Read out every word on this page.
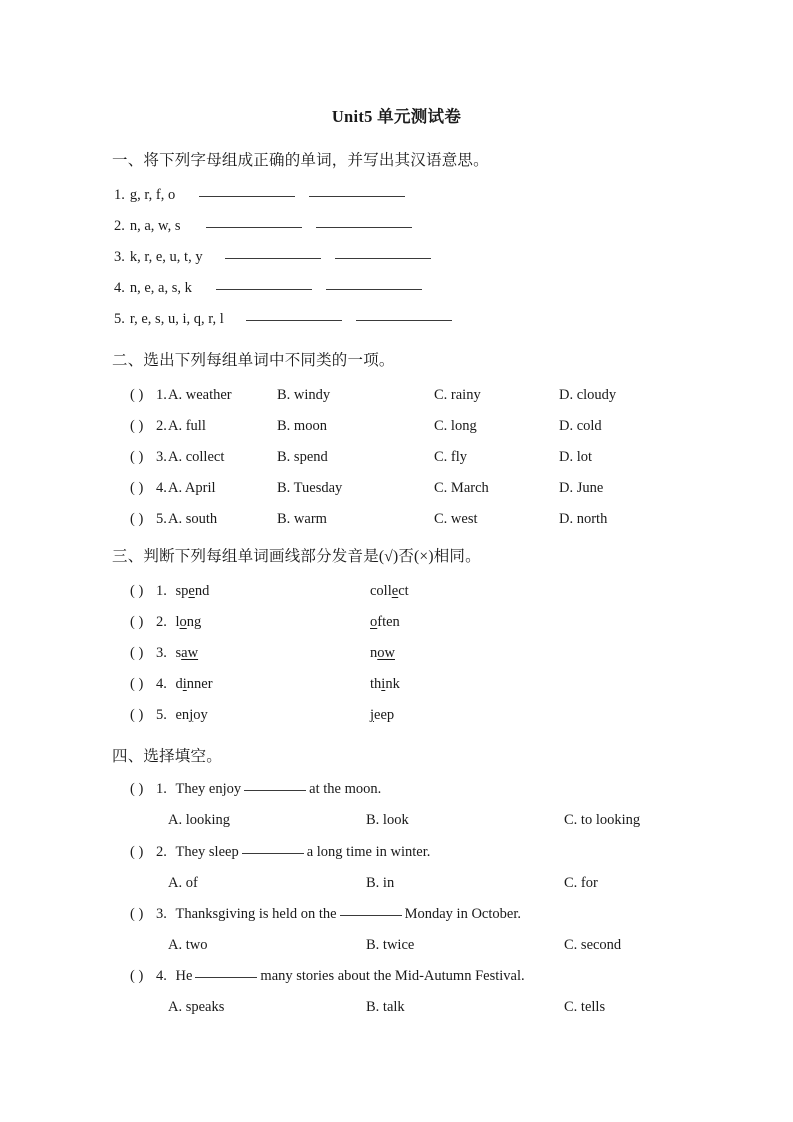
Unit5 单元测试卷
一、将下列字母组成正确的单词，并写出其汉语意思。
1. g, r, f, o
2. n, a, w, s
3. k, r, e, u, t, y
4. n, e, a, s, k
5. r, e, s, u, i, q, r, l
二、选出下列每组单词中不同类的一项。
( ) 1. A. weather	B. windy	C. rainy	D. cloudy
( ) 2. A. full	B. moon	C. long	D. cold
( ) 3. A. collect	B. spend	C. fly	D. lot
( ) 4. A. April	B. Tuesday	C. March	D. June
( ) 5. A. south	B. warm	C. west	D. north
三、判断下列每组单词画线部分发音是(√)否(×)相同。
( ) 1. spend	collect
( ) 2. long	often
( ) 3. saw	now
( ) 4. dinner	think
( ) 5. enjoy	jeep
四、选择填空。
( ) 1. They enjoy	at the moon.
A. looking	B. look	C. to looking
( ) 2. They sleep	a long time in winter.
A. of	B. in	C. for
( ) 3. Thanksgiving is held on the	Monday in October.
A. two	B. twice	C. second
( ) 4. He	many stories about the Mid-Autumn Festival.
A. speaks	B. talk	C. tells
